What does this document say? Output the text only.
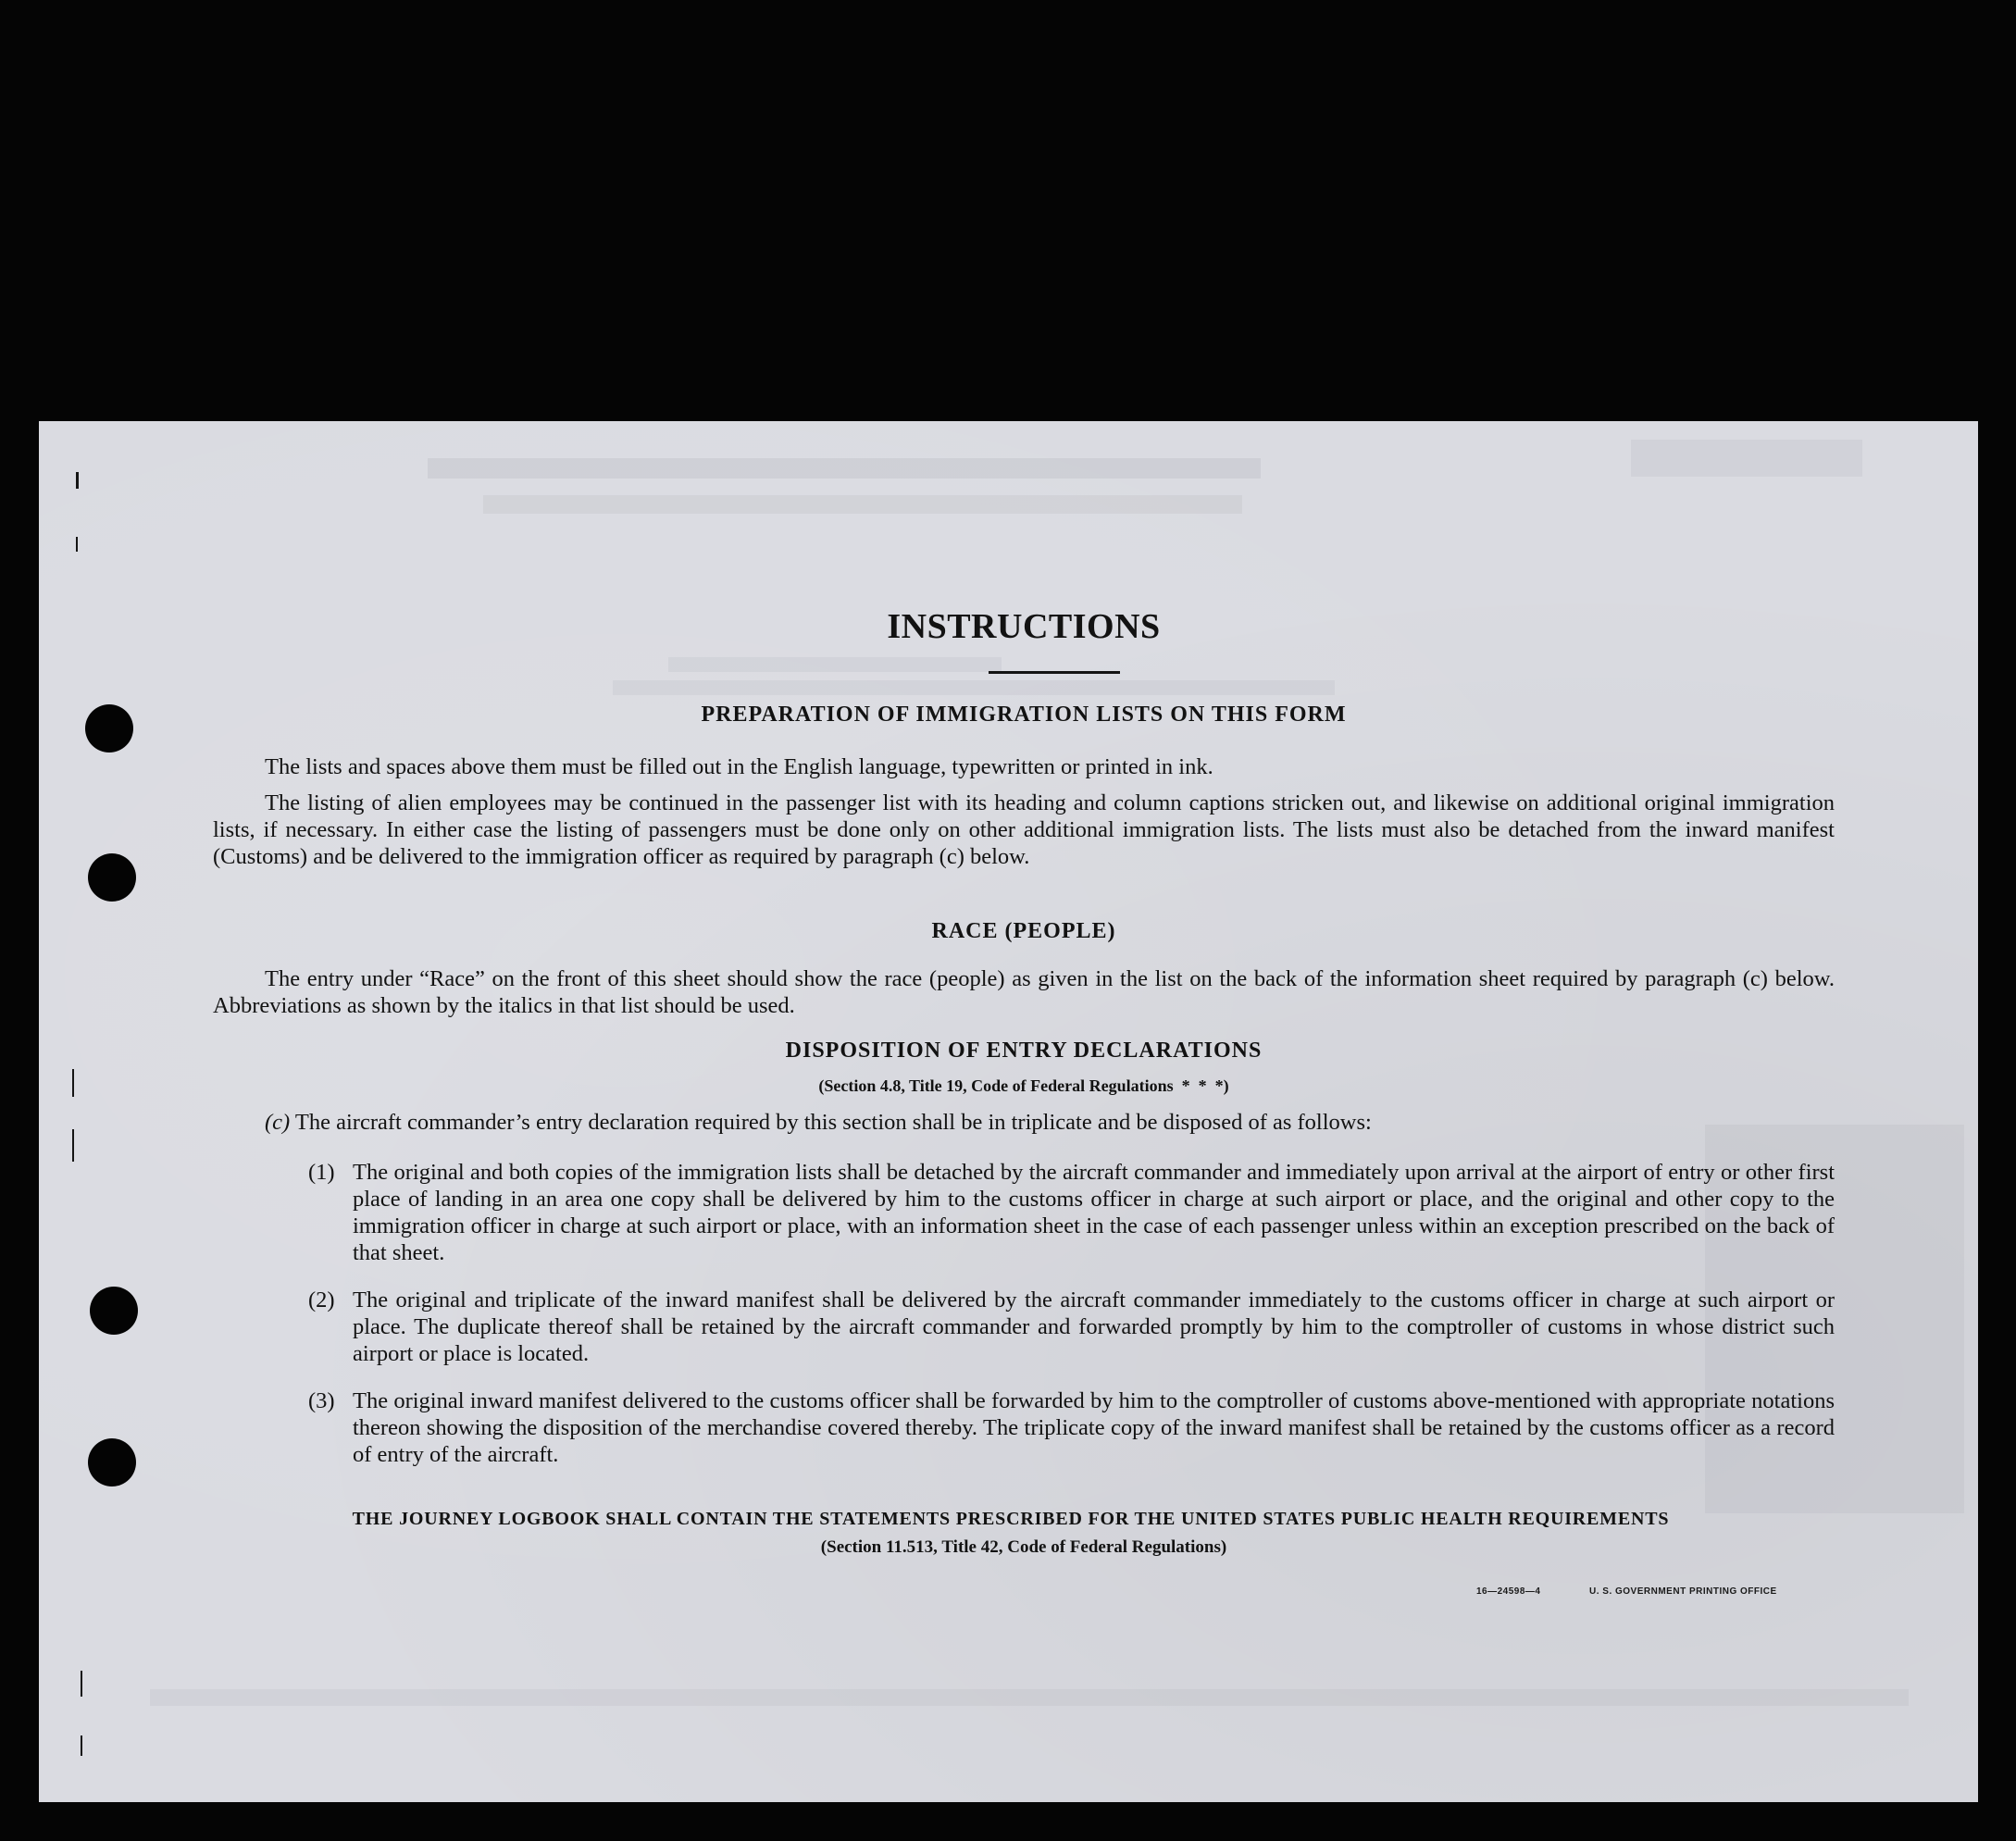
INSTRUCTIONS
PREPARATION OF IMMIGRATION LISTS ON THIS FORM
The lists and spaces above them must be filled out in the English language, typewritten or printed in ink.
The listing of alien employees may be continued in the passenger list with its heading and column captions stricken out, and likewise on additional original immigration lists, if necessary. In either case the listing of passengers must be done only on other additional immigration lists. The lists must also be detached from the inward manifest (Customs) and be delivered to the immigration officer as required by paragraph (c) below.
RACE (PEOPLE)
The entry under “Race” on the front of this sheet should show the race (people) as given in the list on the back of the information sheet required by paragraph (c) below. Abbreviations as shown by the italics in that list should be used.
DISPOSITION OF ENTRY DECLARATIONS
(Section 4.8, Title 19, Code of Federal Regulations  *  *  *)
(c) The aircraft commander’s entry declaration required by this section shall be in triplicate and be disposed of as follows:
(1) The original and both copies of the immigration lists shall be detached by the aircraft commander and immediately upon arrival at the airport of entry or other first place of landing in an area one copy shall be delivered by him to the customs officer in charge at such airport or place, and the original and other copy to the immigration officer in charge at such airport or place, with an information sheet in the case of each passenger unless within an exception prescribed on the back of that sheet.
(2) The original and triplicate of the inward manifest shall be delivered by the aircraft commander immediately to the customs officer in charge at such airport or place. The duplicate thereof shall be retained by the aircraft commander and forwarded promptly by him to the comptroller of customs in whose district such airport or place is located.
(3) The original inward manifest delivered to the customs officer shall be forwarded by him to the comptroller of customs above-mentioned with appropriate notations thereon showing the disposition of the merchandise covered thereby. The triplicate copy of the inward manifest shall be retained by the customs officer as a record of entry of the aircraft.
THE JOURNEY LOGBOOK SHALL CONTAIN THE STATEMENTS PRESCRIBED FOR THE UNITED STATES PUBLIC HEALTH REQUIREMENTS
(Section 11.513, Title 42, Code of Federal Regulations)
16—24598—4	U. S. GOVERNMENT PRINTING OFFICE
